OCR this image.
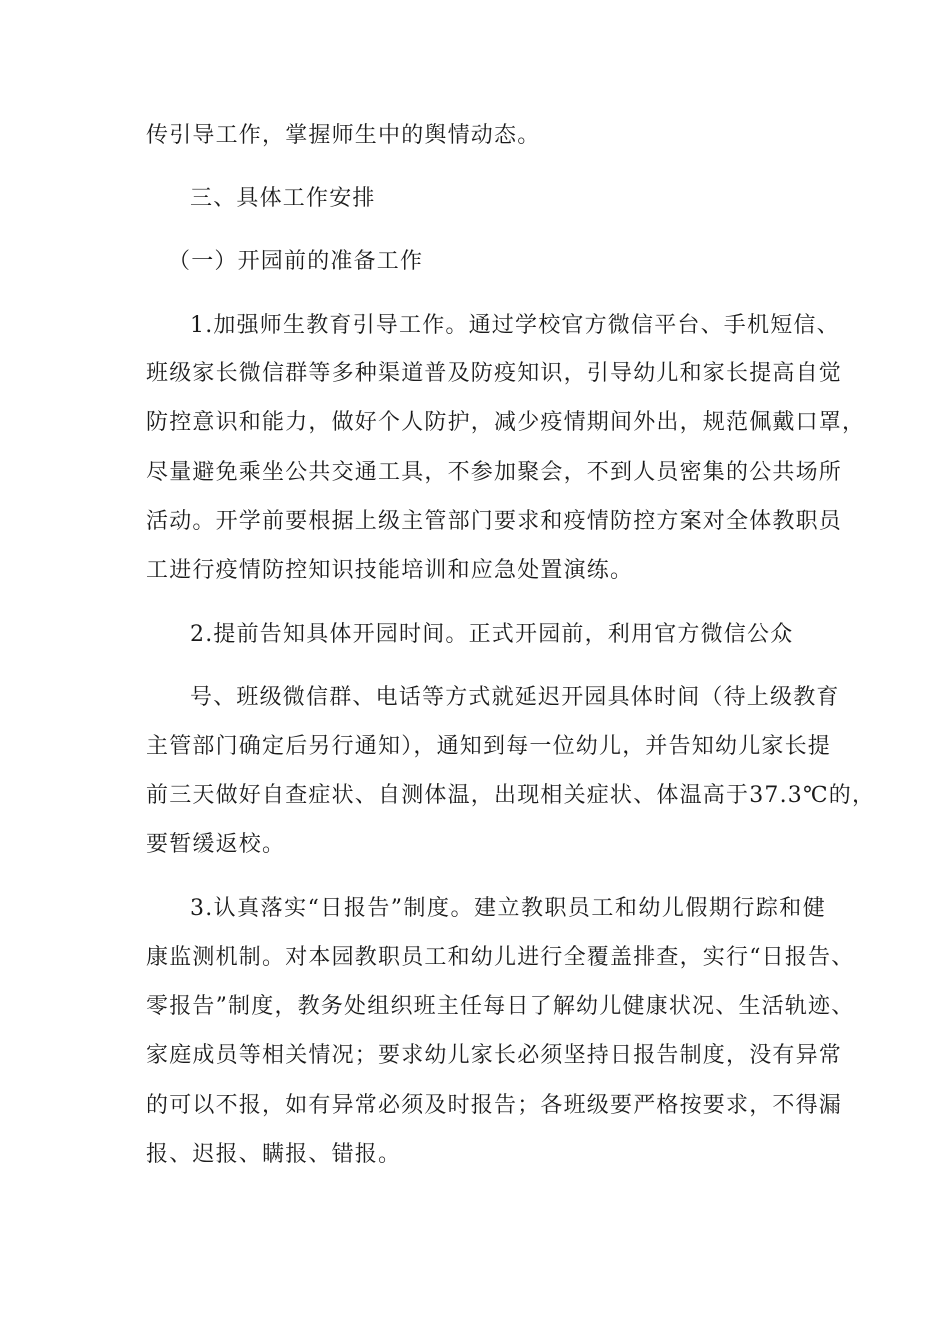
传引导工作，掌握师生中的舆情动态。
三、具体工作安排
（一）开园前的准备工作
1.加强师生教育引导工作。通过学校官方微信平台、手机短信、
班级家长微信群等多种渠道普及防疫知识，引导幼儿和家长提高自觉
防控意识和能力，做好个人防护，减少疫情期间外出，规范佩戴口罩，
尽量避免乘坐公共交通工具，不参加聚会，不到人员密集的公共场所
活动。开学前要根据上级主管部门要求和疫情防控方案对全体教职员
工进行疫情防控知识技能培训和应急处置演练。
2.提前告知具体开园时间。正式开园前，利用官方微信公众
号、班级微信群、电话等方式就延迟开园具体时间（待上级教育
主管部门确定后另行通知），通知到每一位幼儿，并告知幼儿家长提
前三天做好自查症状、自测体温，出现相关症状、体温高于37.3℃的，
要暂缓返校。
3.认真落实“日报告”制度。建立教职员工和幼儿假期行踪和健
康监测机制。对本园教职员工和幼儿进行全覆盖排查，实行“日报告、
零报告”制度，教务处组织班主任每日了解幼儿健康状况、生活轨迹、
家庭成员等相关情况；要求幼儿家长必须坚持日报告制度，没有异常
的可以不报，如有异常必须及时报告；各班级要严格按要求，不得漏
报、迟报、瞒报、错报。
